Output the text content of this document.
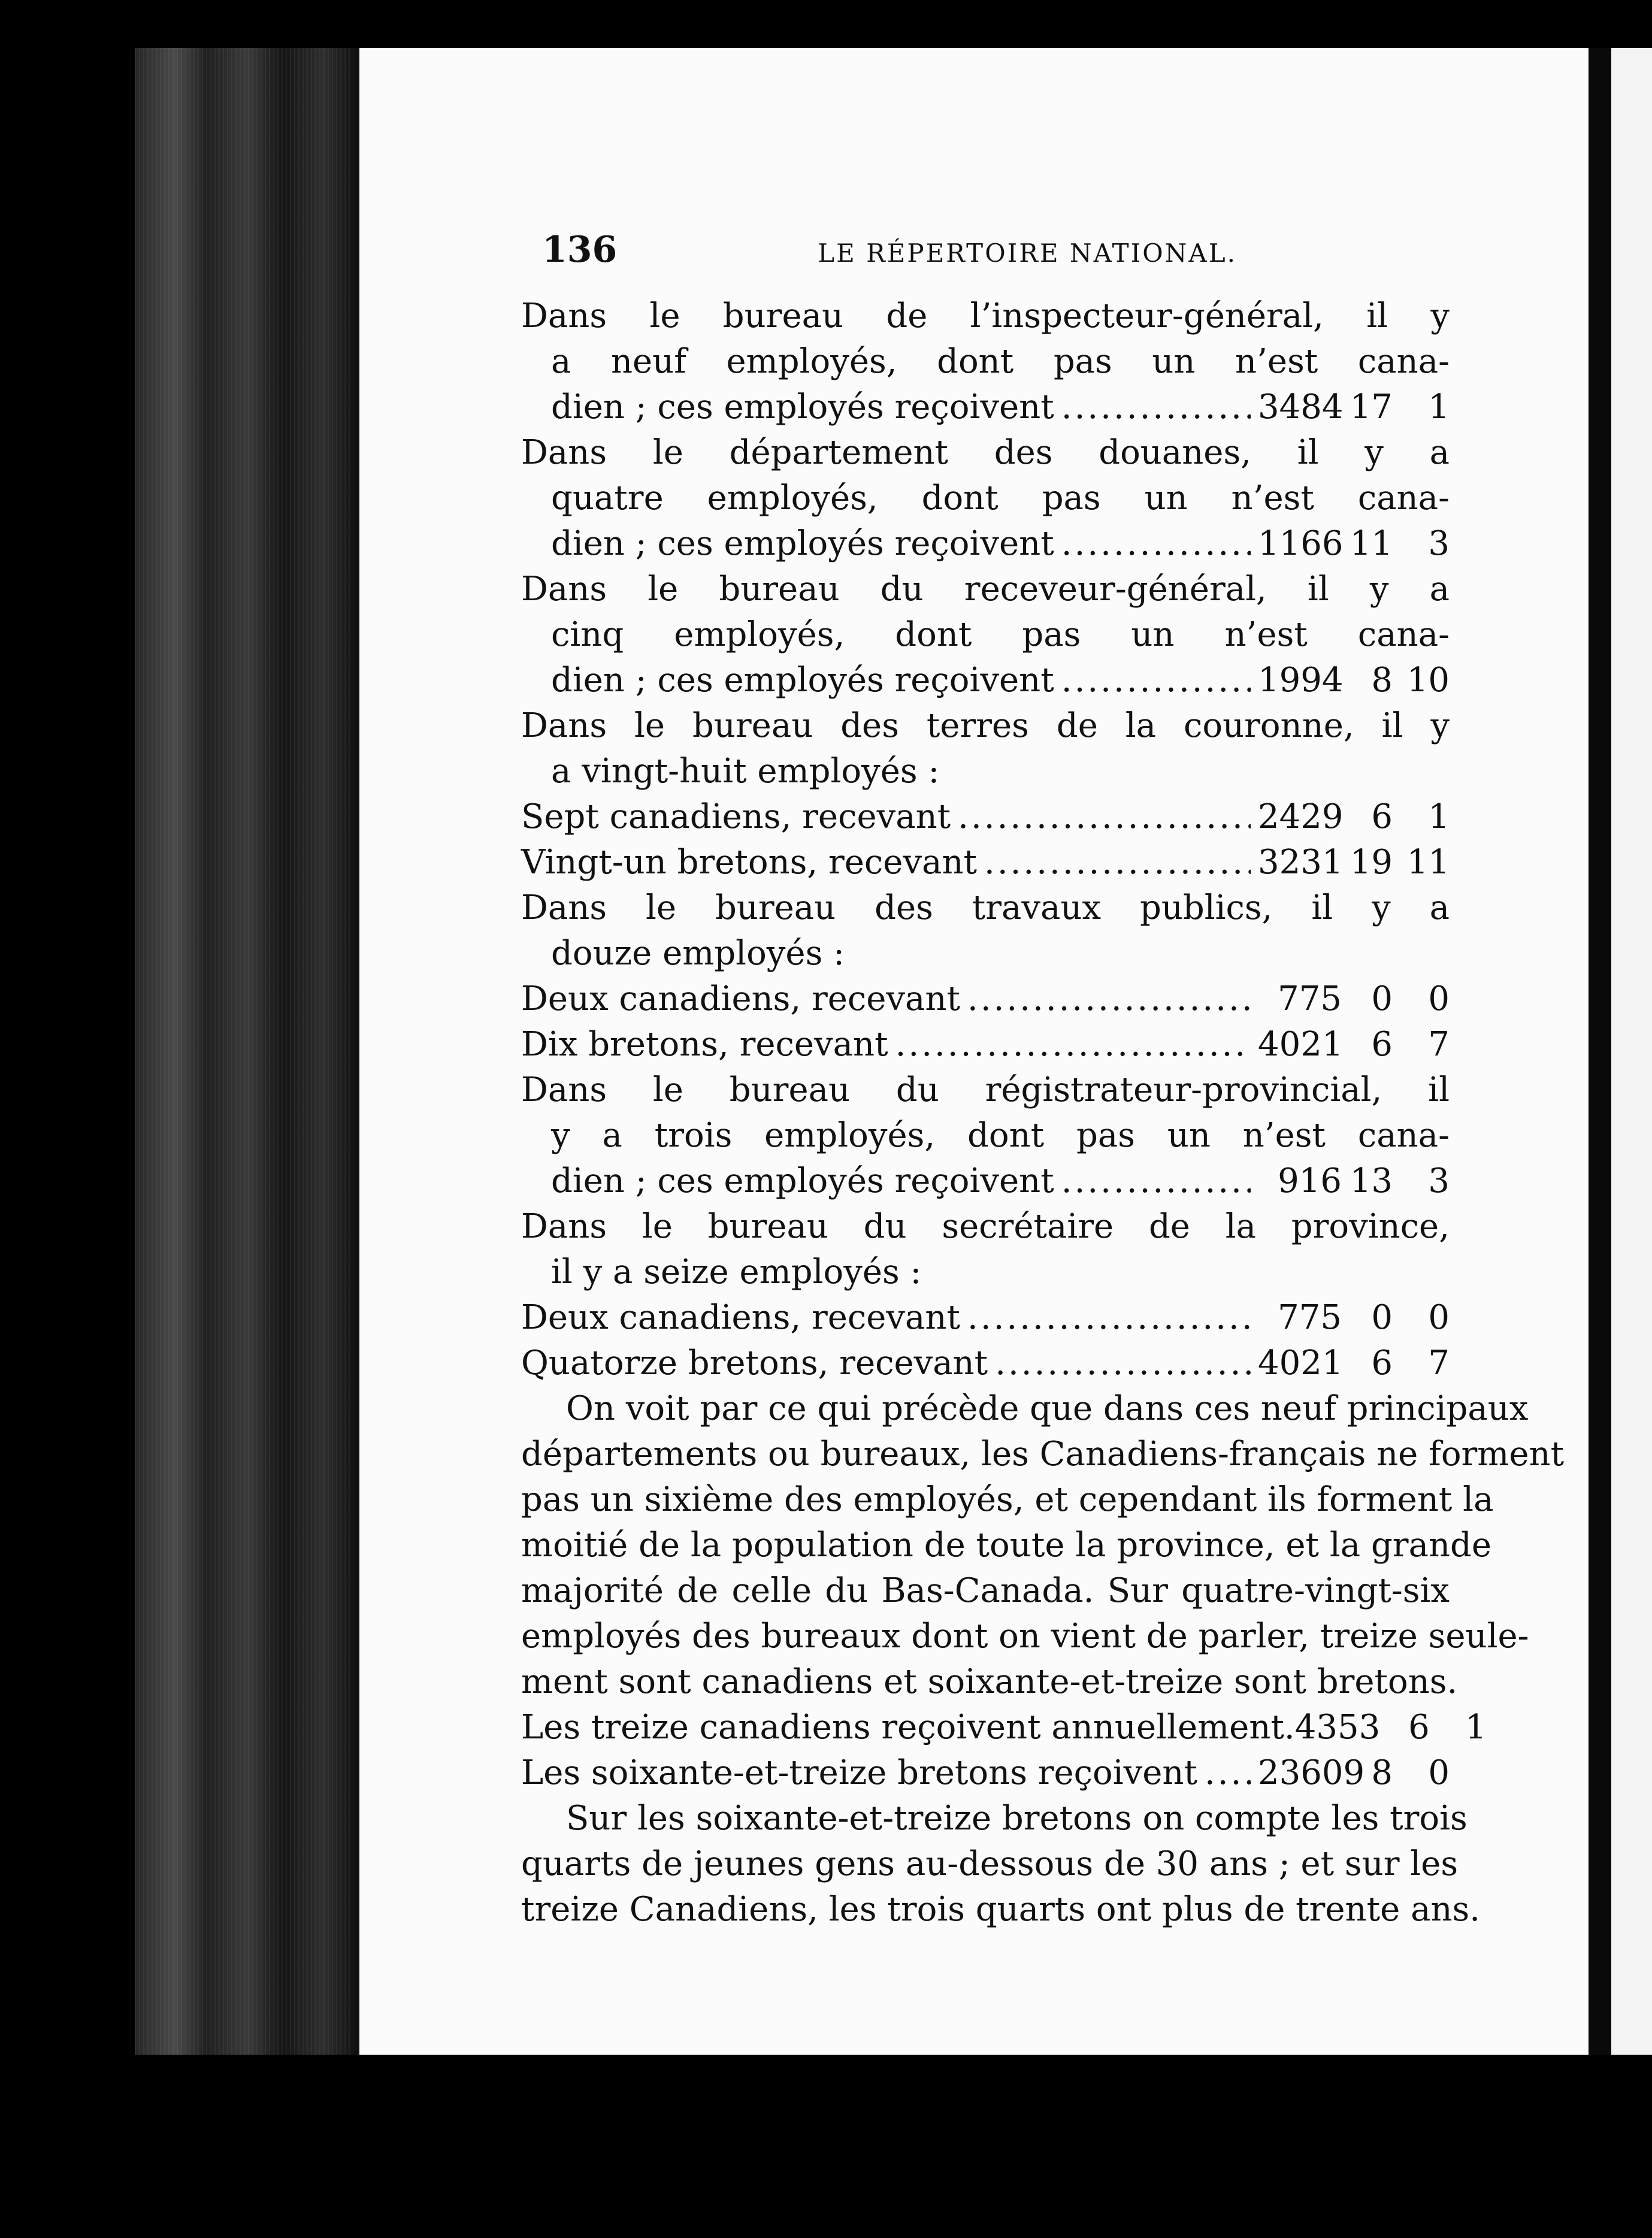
136	LE RÉPERTOIRE NATIONAL.
Dans le bureau de l’inspecteur-général, il y
a neuf employés, dont pas un n’est cana-
dien ; ces employés reçoivent .....	3484 17	1
Dans le département des douanes, il y a
quatre employés, dont pas un n’est cana-
dien ; ces employés reçoivent .....	1166 11	3
Dans le bureau du receveur-général, il y a
cinq employés, dont pas un n’est cana-
dien ; ces employés reçoivent .....	1994 8 10
Dans le bureau des terres de la couronne, il y
a vingt-huit employés :
Sept canadiens, recevant .....	2429 6	1
Vingt-un bretons, recevant .....	3231 19 11
Dans le bureau des travaux publics, il y a
douze employés :
Deux canadiens, recevant .....	775 0	0
Dix bretons, recevant .....	4021 6	7
Dans le bureau du régistrateur-provincial, il
y a trois employés, dont pas un n’est cana-
dien ; ces employés reçoivent .....	916 13	3
Dans le bureau du secrétaire de la province,
il y a seize employés :
Deux canadiens, recevant .....	775 0	0
Quatorze bretons, recevant .....	4021 6	7
On voit par ce qui précède que dans ces neuf principaux
départements ou bureaux, les Canadiens-français ne forment
pas un sixième des employés, et cependant ils forment la
moitié de la population de toute la province, et la grande
majorité de celle du Bas-Canada. Sur quatre-vingt-six
employés des bureaux dont on vient de parler, treize seule-
ment sont canadiens et soixante-et-treize sont bretons.
Les treize canadiens reçoivent annuellement. 4353 6	1
Les soixante-et-treize bretons reçoivent ..... 23609 8	0
Sur les soixante-et-treize bretons on compte les trois
quarts de jeunes gens au-dessous de 30 ans ; et sur les
treize Canadiens, les trois quarts ont plus de trente ans.
